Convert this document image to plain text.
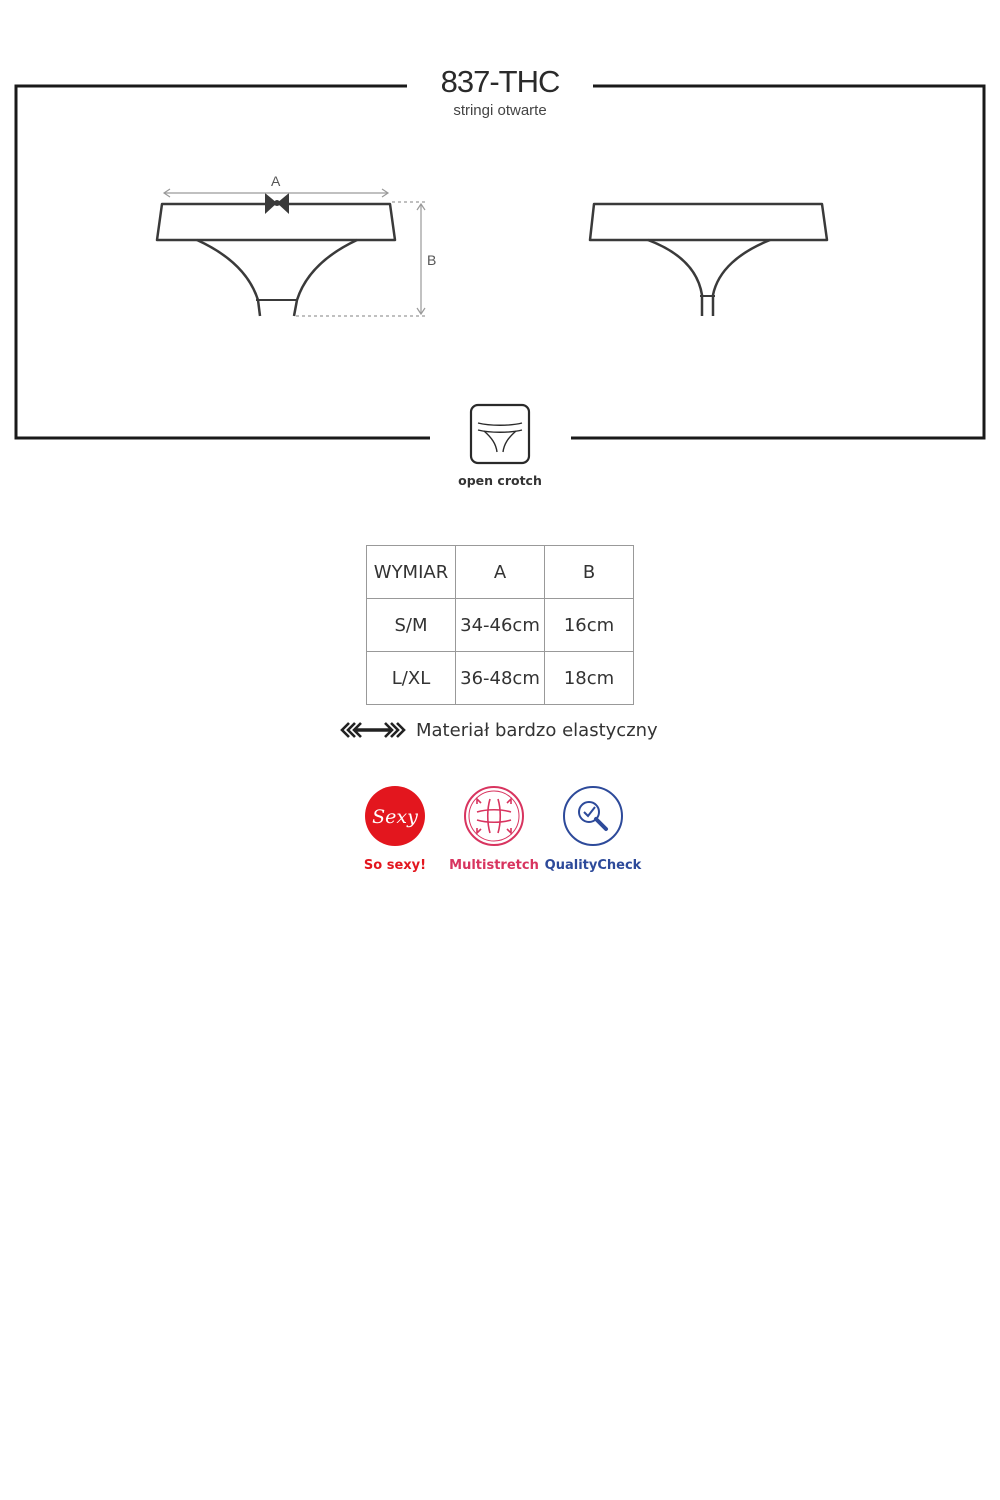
A
B
837-THC
stringi otwarte
open crotch
WYMIAR	A	B
S/M	34-46cm	16cm
L/XL	36-48cm	18cm
Materiał bardzo elastyczny
Sexy
So sexy!	Multistretch QualityCheck
